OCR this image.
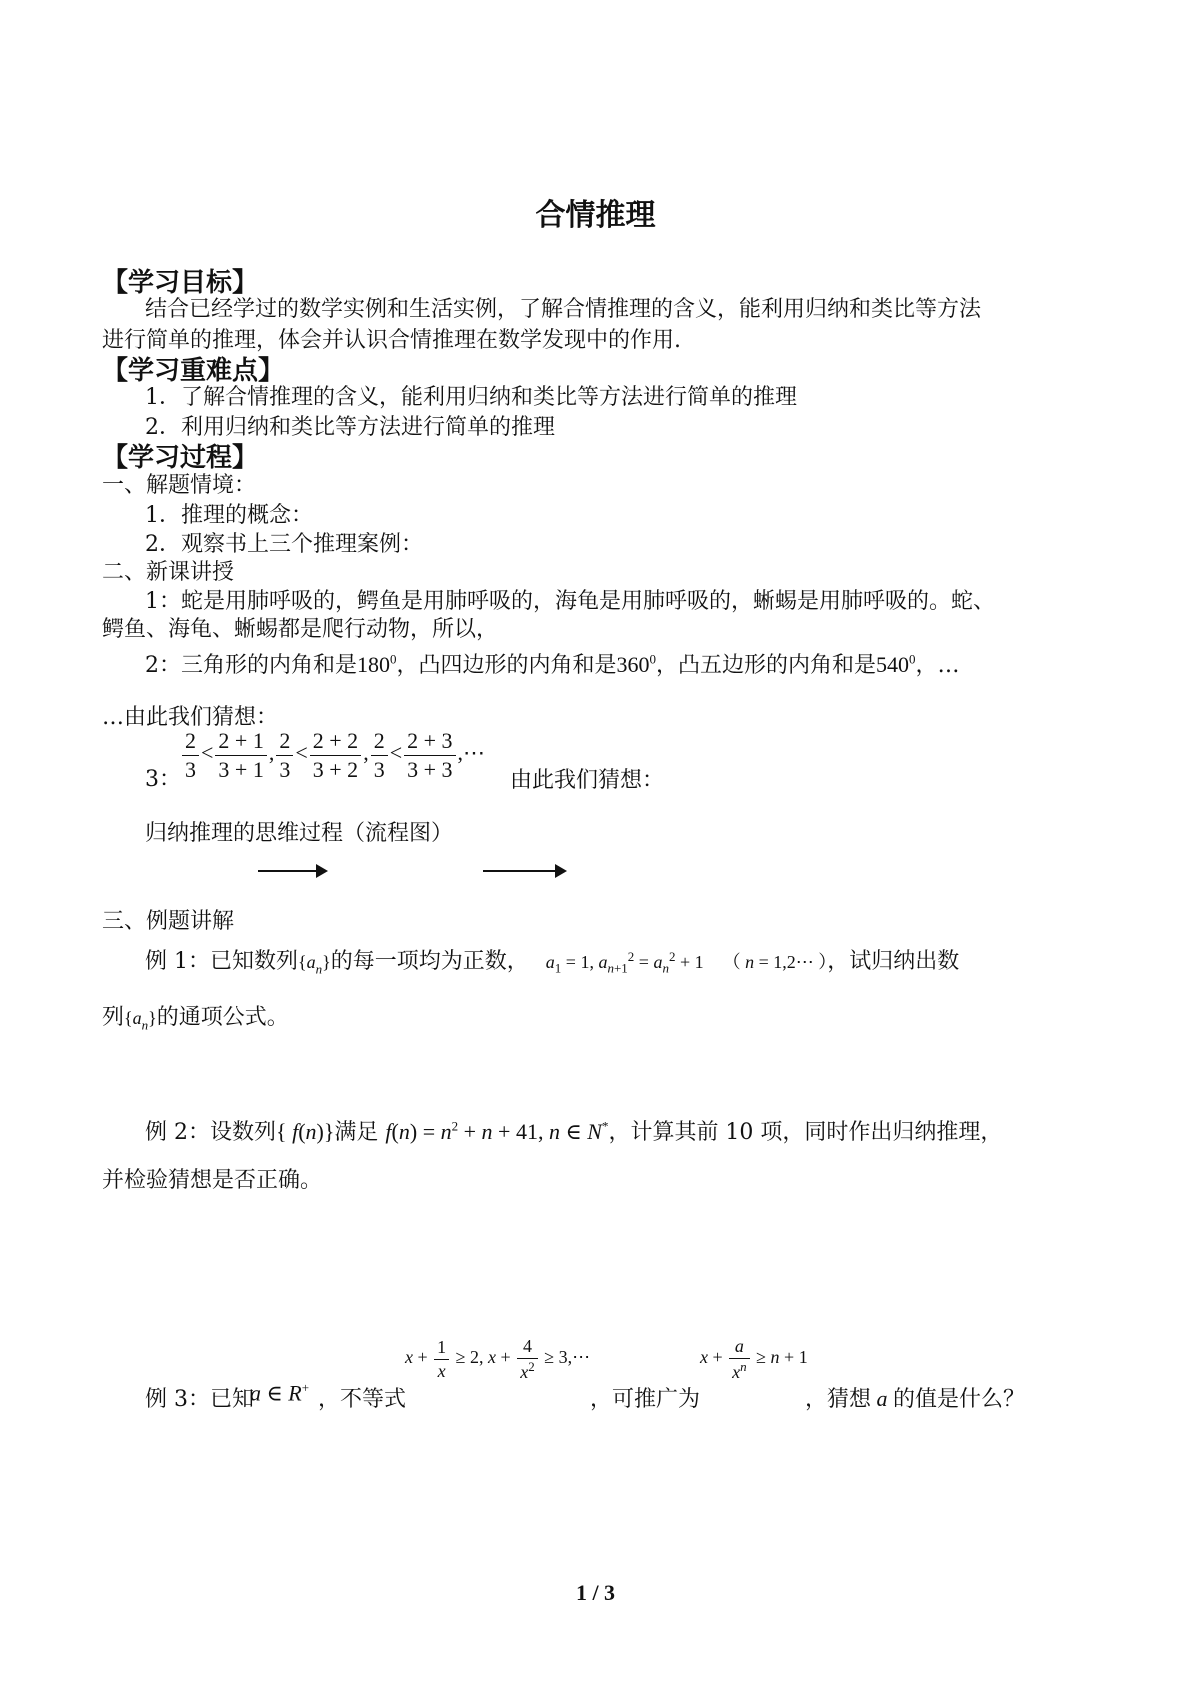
合情推理
【学习目标】
结合已经学过的数学实例和生活实例，了解合情推理的含义，能利用归纳和类比等方法
进行简单的推理，体会并认识合情推理在数学发现中的作用.
【学习重难点】
1．了解合情推理的含义，能利用归纳和类比等方法进行简单的推理
2．利用归纳和类比等方法进行简单的推理
【学习过程】
一、解题情境：
1．推理的概念：
2．观察书上三个推理案例：
二、新课讲授
1：蛇是用肺呼吸的，鳄鱼是用肺呼吸的，海龟是用肺呼吸的，蜥蜴是用肺呼吸的。蛇、
鳄鱼、海龟、蜥蜴都是爬行动物，所以，
2：三角形的内角和是$180^0$，凸四边形的内角和是$360^0$，凸五边形的内角和是$540^0$，…
…由此我们猜想：
3： $\frac{2}{3} < \frac{2 + 1}{3 + 1}$ , $\frac{2}{3} < \frac{2 + 2}{3 + 2}$ , $\frac{2}{3} < \frac{2 + 3}{3 + 3}$ ,⋯
由此我们猜想：
归纳推理的思维过程（流程图）
三、例题讲解
例 1：已知数列$\{a_n\}$的每一项均为正数， $a_1 = 1$, $a_{n+1}^2 = a_n^2 + 1$ （ n = 1,2⋯ ），试归纳出数
列$\{a_n\}$的通项公式。
例 2：设数列{ f(n)}满足 $f(n) = n^2 + n + 41$, n ∈ N*，计算其前 10 项，同时作出归纳推理，
并检验猜想是否正确。
例 3：已知
a ∈ R+ ，不等式
$x + \frac{1}{x} \ge 2$, $x + \frac{4}{x^2}$ ≥ 3,⋯
，可推广为
$x + \frac{a}{x^n} \ge n + 1$
，猜想 a 的值是什么？
1 / 3
